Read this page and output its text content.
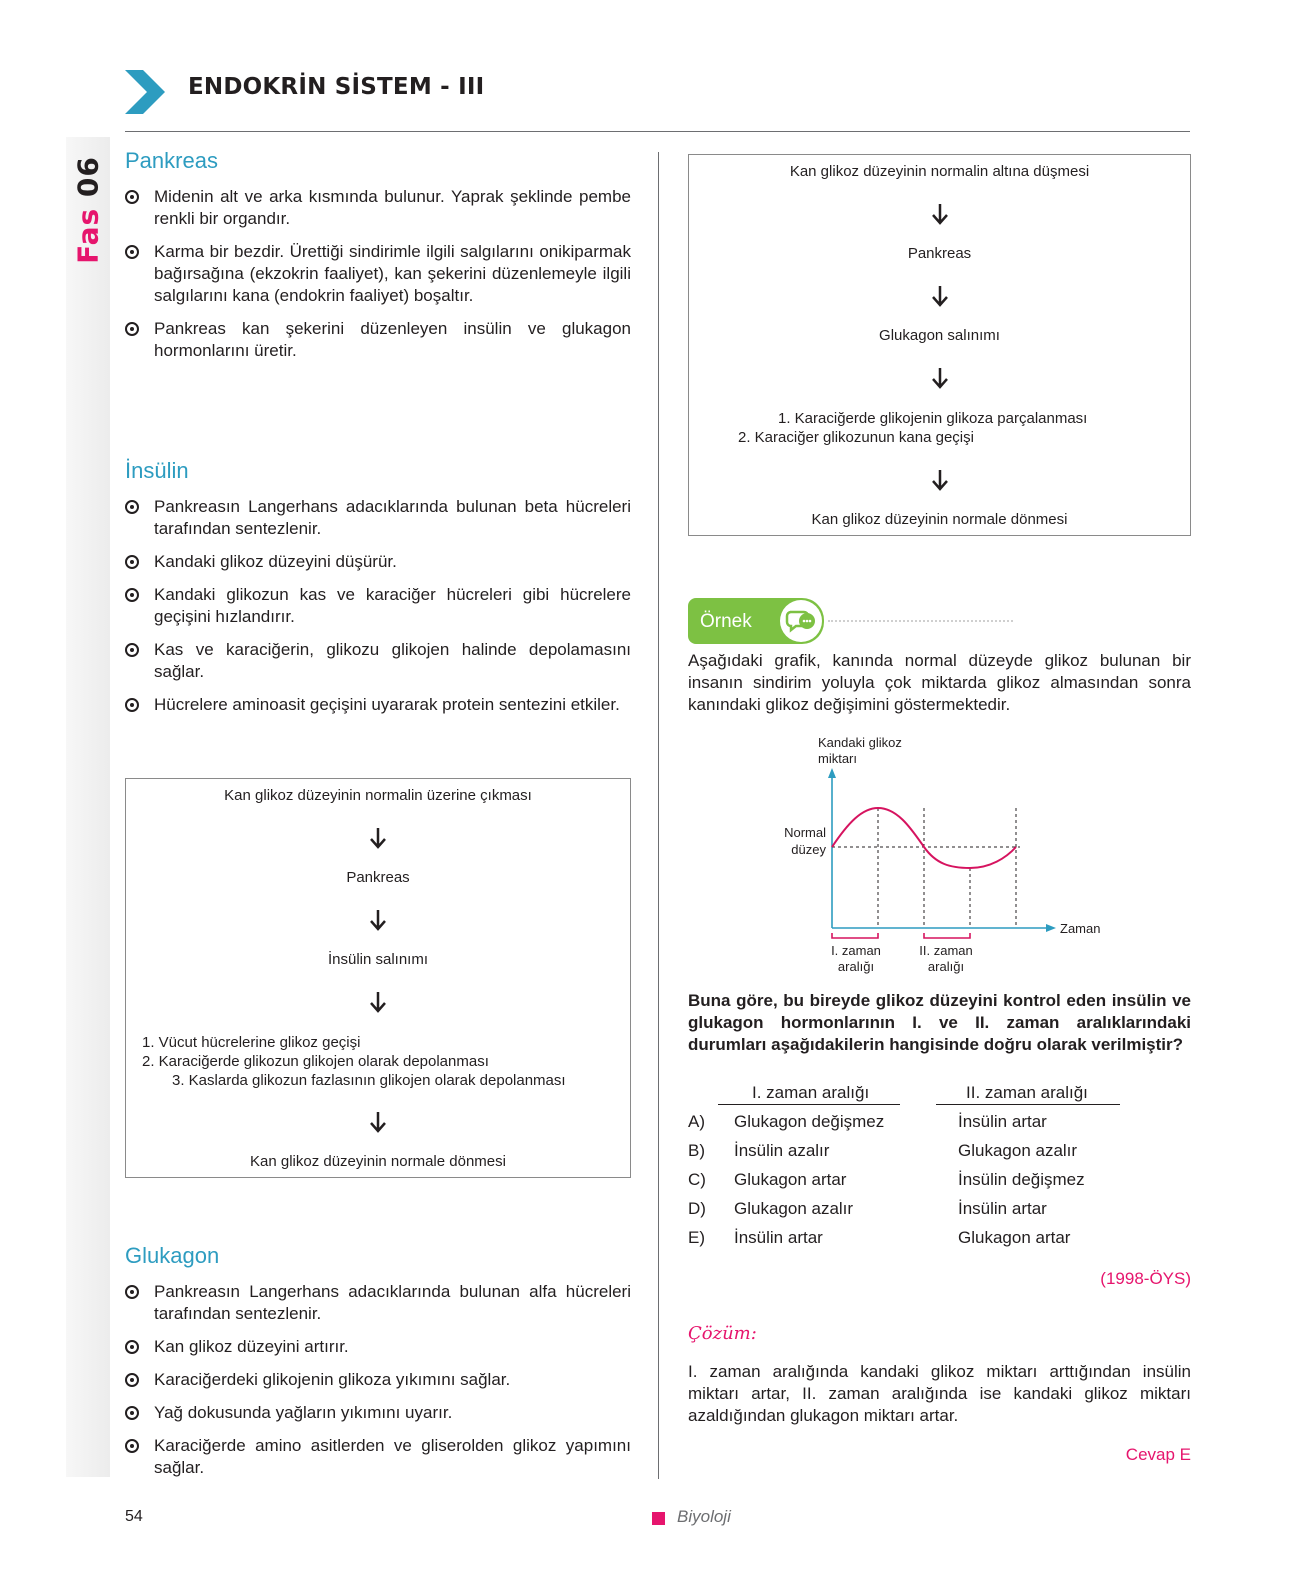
Fas 06
ENDOKRİN SİSTEM - III
Pankreas
Midenin alt ve arka kısmında bulunur. Yaprak şeklinde pembe renkli bir organdır.
Karma bir bezdir. Ürettiği sindirimle ilgili salgılarını onikiparmak bağırsağına (ekzokrin faaliyet), kan şekerini düzenlemeyle ilgili salgılarını kana (endokrin faaliyet) boşaltır.
Pankreas kan şekerini düzenleyen insülin ve glukagon hormonlarını üretir.
İnsülin
Pankreasın Langerhans adacıklarında bulunan beta hücreleri tarafından sentezlenir.
Kandaki glikoz düzeyini düşürür.
Kandaki glikozun kas ve karaciğer hücreleri gibi hücrelere geçişini hızlandırır.
Kas ve karaciğerin, glikozu glikojen halinde depolamasını sağlar.
Hücrelere aminoasit geçişini uyararak protein sentezini etkiler.
Kan glikoz düzeyinin normalin üzerine çıkması
Pankreas
İnsülin salınımı
1. Vücut hücrelerine glikoz geçişi
2. Karaciğerde glikozun glikojen olarak depolanması
3. Kaslarda glikozun fazlasının glikojen olarak depolanması
Kan glikoz düzeyinin normale dönmesi
Glukagon
Pankreasın Langerhans adacıklarında bulunan alfa hücreleri tarafından sentezlenir.
Kan glikoz düzeyini artırır.
Karaciğerdeki glikojenin glikoza yıkımını sağlar.
Yağ dokusunda yağların yıkımını uyarır.
Karaciğerde amino asitlerden ve gliserolden glikoz yapımını sağlar.
Kan glikoz düzeyinin normalin altına düşmesi
Pankreas
Glukagon salınımı
1. Karaciğerde glikojenin glikoza parçalanması
2. Karaciğer glikozunun kana geçişi
Kan glikoz düzeyinin normale dönmesi
Örnek
Aşağıdaki grafik, kanında normal düzeyde glikoz bulunan bir insanın sindirim yoluyla çok miktarda glikoz almasından sonra kanındaki glikoz değişimini göstermektedir.
Kandaki glikoz
miktarı
Zaman
Normal
düzey
I. zaman
aralığı
II. zaman
aralığı
Buna göre, bu bireyde glikoz düzeyini kontrol eden insülin ve glukagon hormonlarının I. ve II. zaman aralıklarındaki durumları aşağıdakilerin hangisinde doğru olarak verilmiştir?
I. zaman aralığı	II. zaman aralığı
A) Glukagon değişmez	İnsülin artar
B) İnsülin azalır	Glukagon azalır
C) Glukagon artar	İnsülin değişmez
D) Glukagon azalır	İnsülin artar
E) İnsülin artar	Glukagon artar
(1998-ÖYS)
Çözüm:
I. zaman aralığında kandaki glikoz miktarı arttığından insülin miktarı artar, II. zaman aralığında ise kandaki glikoz miktarı azaldığından glukagon miktarı artar.
Cevap E
54	Biyoloji
